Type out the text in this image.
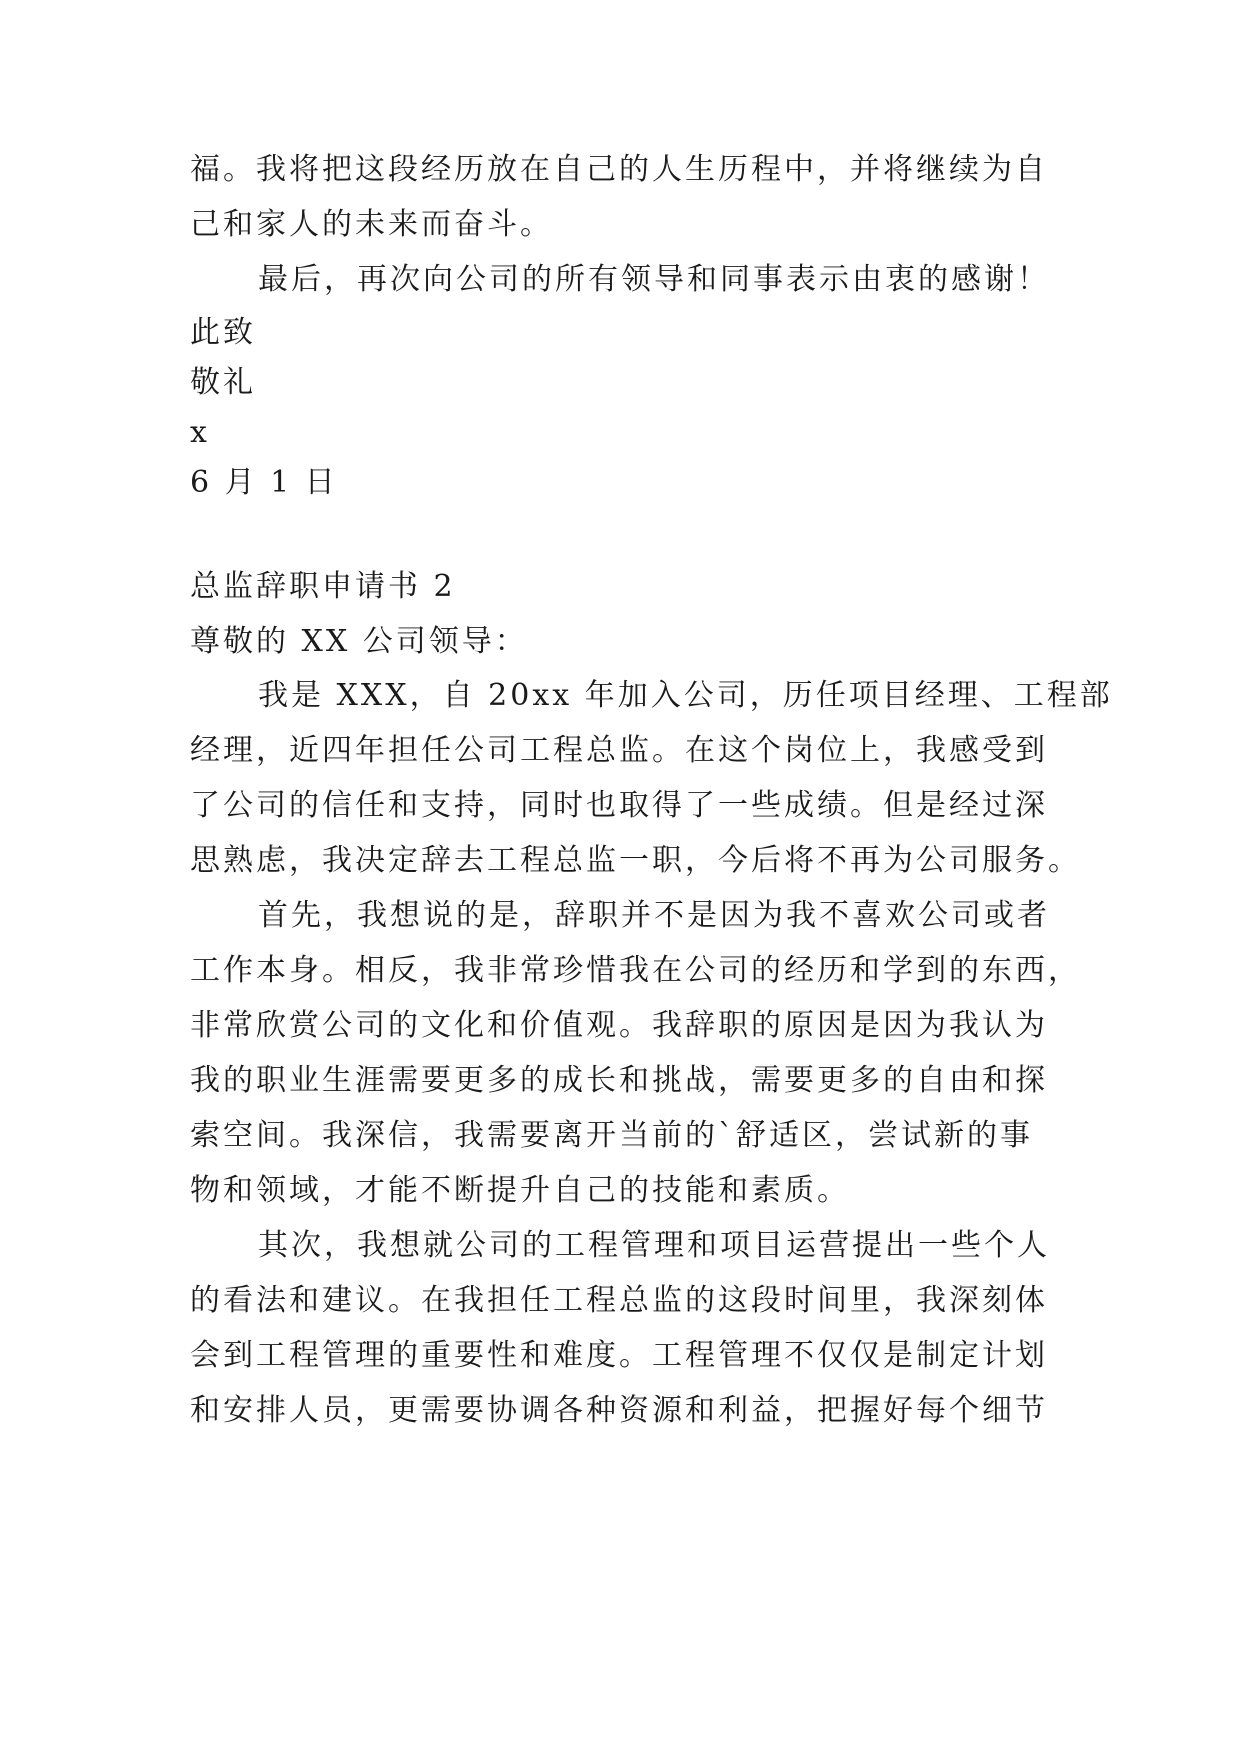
福。我将把这段经历放在自己的人生历程中，并将继续为自
己和家人的未来而奋斗。
最后，再次向公司的所有领导和同事表示由衷的感谢！
此致
敬礼
x
6 月 1 日
总监辞职申请书 2
尊敬的 XX 公司领导：
我是 XXX，自 20xx 年加入公司，历任项目经理、工程部
经理，近四年担任公司工程总监。在这个岗位上，我感受到
了公司的信任和支持，同时也取得了一些成绩。但是经过深
思熟虑，我决定辞去工程总监一职，今后将不再为公司服务。
首先，我想说的是，辞职并不是因为我不喜欢公司或者
工作本身。相反，我非常珍惜我在公司的经历和学到的东西，
非常欣赏公司的文化和价值观。我辞职的原因是因为我认为
我的职业生涯需要更多的成长和挑战，需要更多的自由和探
索空间。我深信，我需要离开当前的`舒适区，尝试新的事
物和领域，才能不断提升自己的技能和素质。
其次，我想就公司的工程管理和项目运营提出一些个人
的看法和建议。在我担任工程总监的这段时间里，我深刻体
会到工程管理的重要性和难度。工程管理不仅仅是制定计划
和安排人员，更需要协调各种资源和利益，把握好每个细节
